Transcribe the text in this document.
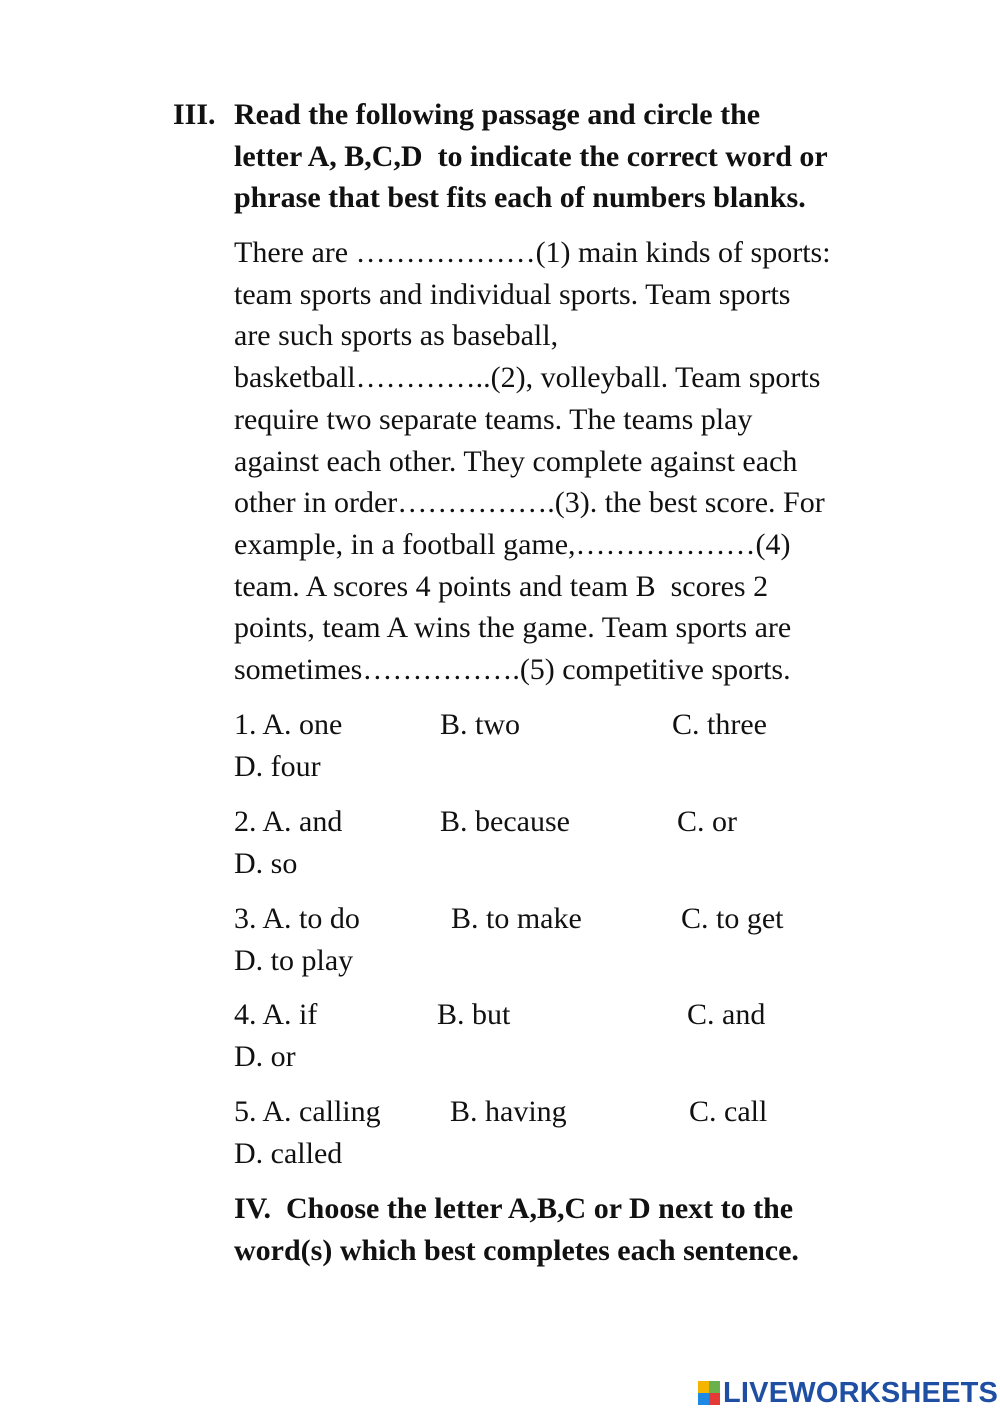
III. Read the following passage and circle the
letter A, B,C,D  to indicate the correct word or
phrase that best fits each of numbers blanks.
There are ………………(1) main kinds of sports:
team sports and individual sports. Team sports
are such sports as baseball,
basketball…………..(2), volleyball. Team sports
require two separate teams. The teams play
against each other. They complete against each
other in order…………….(3). the best score. For
example, in a football game,………………(4)
team. A scores 4 points and team B  scores 2
points, team A wins the game. Team sports are
sometimes…………….(5) competitive sports.
1. A. one	B. two	C. three
D. four
2. A. and	B. because	C. or
D. so
3. A. to do	B. to make	C. to get
D. to play
4. A. if	B. but	C. and
D. or
5. A. calling B. having	C. call
D. called
IV.  Choose the letter A,B,C or D next to the
word(s) which best completes each sentence.
LIVEWORKSHEETS
